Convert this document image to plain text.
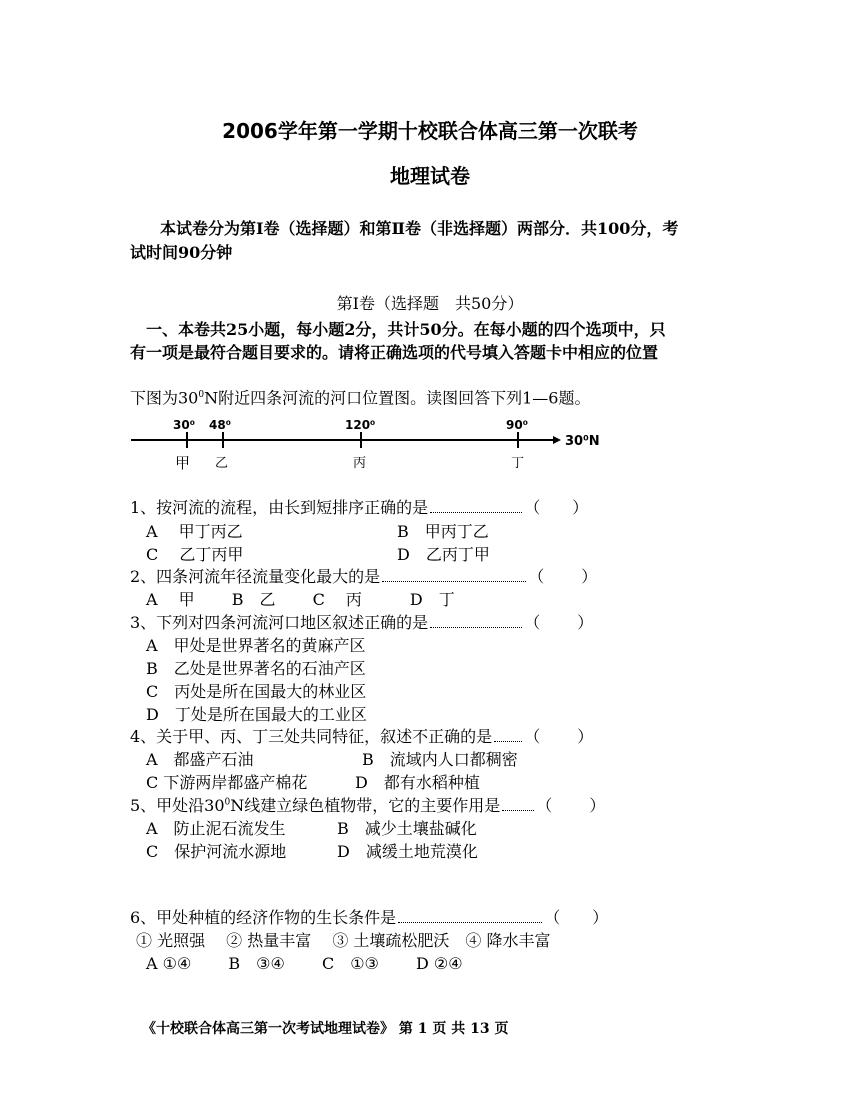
2006学年第一学期十校联合体高三第一次联考
地理试卷
本试卷分为第Ⅰ卷（选择题）和第Ⅱ卷（非选择题）两部分．共100分，考
试时间90分钟
第Ⅰ卷（选择题　共50分）
一、本卷共25小题，每小题2分，共计50分。在每小题的四个选项中，只
有一项是最符合题目要求的。请将正确选项的代号填入答题卡中相应的位置
下图为$30^0N$附近四条河流的河口位置图。读图回答下列1—6题。
30⁰N
30⁰
甲
48⁰
乙
120⁰
丙
90⁰
丁
1、按河流的流程，由长到短排序正确的是	（　　）
A　 甲丁丙乙	B　甲丙丁乙
C　 乙丁丙甲	D　乙丙丁甲
2、四条河流年径流量变化最大的是	（　　 ）
A　 甲　　 B　乙　　 C　 丙　　　D　丁
3、下列对四条河流河口地区叙述正确的是	（　　 ）
A　甲处是世界著名的黄麻产区
B　乙处是世界著名的石油产区
C　丙处是所在国最大的林业区
D　丁处是所在国最大的工业区
4、关于甲、丙、丁三处共同特征，叙述不正确的是 （　　 ）
A　都盛产石油	B　流域内人口都稠密
C 下游两岸都盛产棉花	D　都有水稻种植
5、甲处沿$30^0N$线建立绿色植物带，它的主要作用是 （　　 ）
A　防止泥石流发生	B　减少土壤盐碱化
C　保护河流水源地	D　减缓土地荒漠化
6、甲处种植的经济作物的生长条件是	（　　）
① 光照强　 ② 热量丰富　 ③ 土壤疏松肥沃　④ 降水丰富
A ①④　　 B　③④　　 C　①③　　 D ②④
《十校联合体高三第一次考试地理试卷》 第 1 页 共 13 页
